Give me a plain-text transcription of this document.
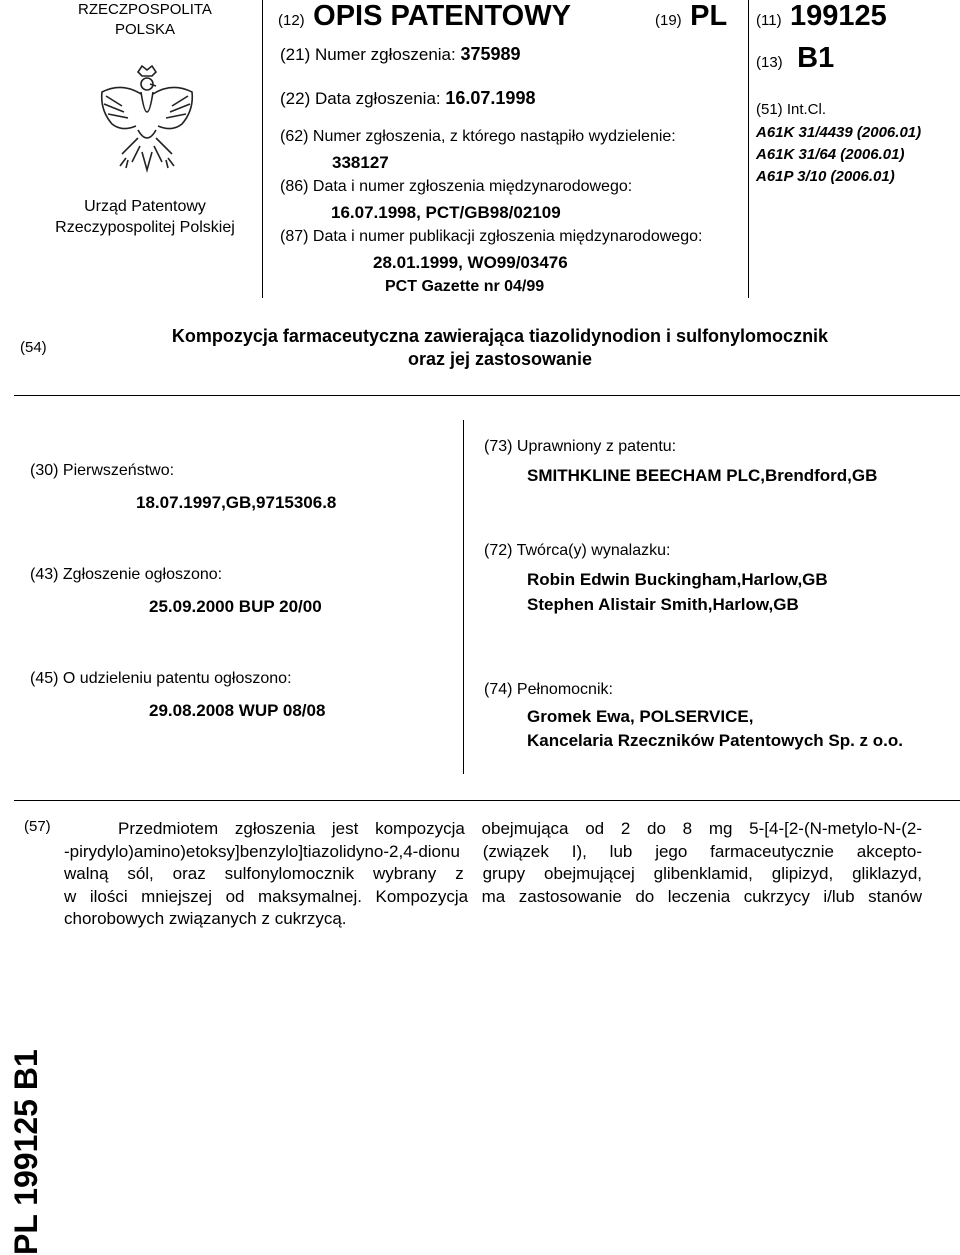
RZECZPOSPOLITA
POLSKA
Urząd Patentowy
Rzeczypospolitej Polskiej
(12) OPIS PATENTOWY	(19) PL
(21) Numer zgłoszenia: 375989
(22) Data zgłoszenia: 16.07.1998
(62) Numer zgłoszenia, z którego nastąpiło wydzielenie:
338127
(86) Data i numer zgłoszenia międzynarodowego:
16.07.1998, PCT/GB98/02109
(87) Data i numer publikacji zgłoszenia międzynarodowego:
28.01.1999, WO99/03476
PCT Gazette nr 04/99
(11) 199125
(13) B1
(51) Int.Cl.
A61K 31/4439 (2006.01)
A61K 31/64 (2006.01)
A61P 3/10 (2006.01)
(54)
Kompozycja farmaceutyczna zawierająca tiazolidynodion i sulfonylomocznik
oraz jej zastosowanie
(30) Pierwszeństwo:
18.07.1997,GB,9715306.8
(43) Zgłoszenie ogłoszono:
25.09.2000 BUP 20/00
(45) O udzieleniu patentu ogłoszono:
29.08.2008 WUP 08/08
(73) Uprawniony z patentu:
SMITHKLINE BEECHAM PLC,Brendford,GB
(72) Twórca(y) wynalazku:
Robin Edwin Buckingham,Harlow,GB
Stephen Alistair Smith,Harlow,GB
(74) Pełnomocnik:
Gromek Ewa, POLSERVICE,
Kancelaria Rzeczników Patentowych Sp. z o.o.
(57)	Przedmiotem zgłoszenia jest kompozycja obejmująca od 2 do 8 mg 5-[4-[2-(N-metylo-N-(2-
-pirydylo)amino)etoksy]benzylo]tiazolidyno-2,4-dionu (związek I), lub jego farmaceutycznie akcepto-
walną sól, oraz sulfonylomocznik wybrany z grupy obejmującej glibenklamid, glipizyd, gliklazyd,
w ilości mniejszej od maksymalnej. Kompozycja ma zastosowanie do leczenia cukrzycy i/lub stanów
chorobowych związanych z cukrzycą.
PL 199125 B1
